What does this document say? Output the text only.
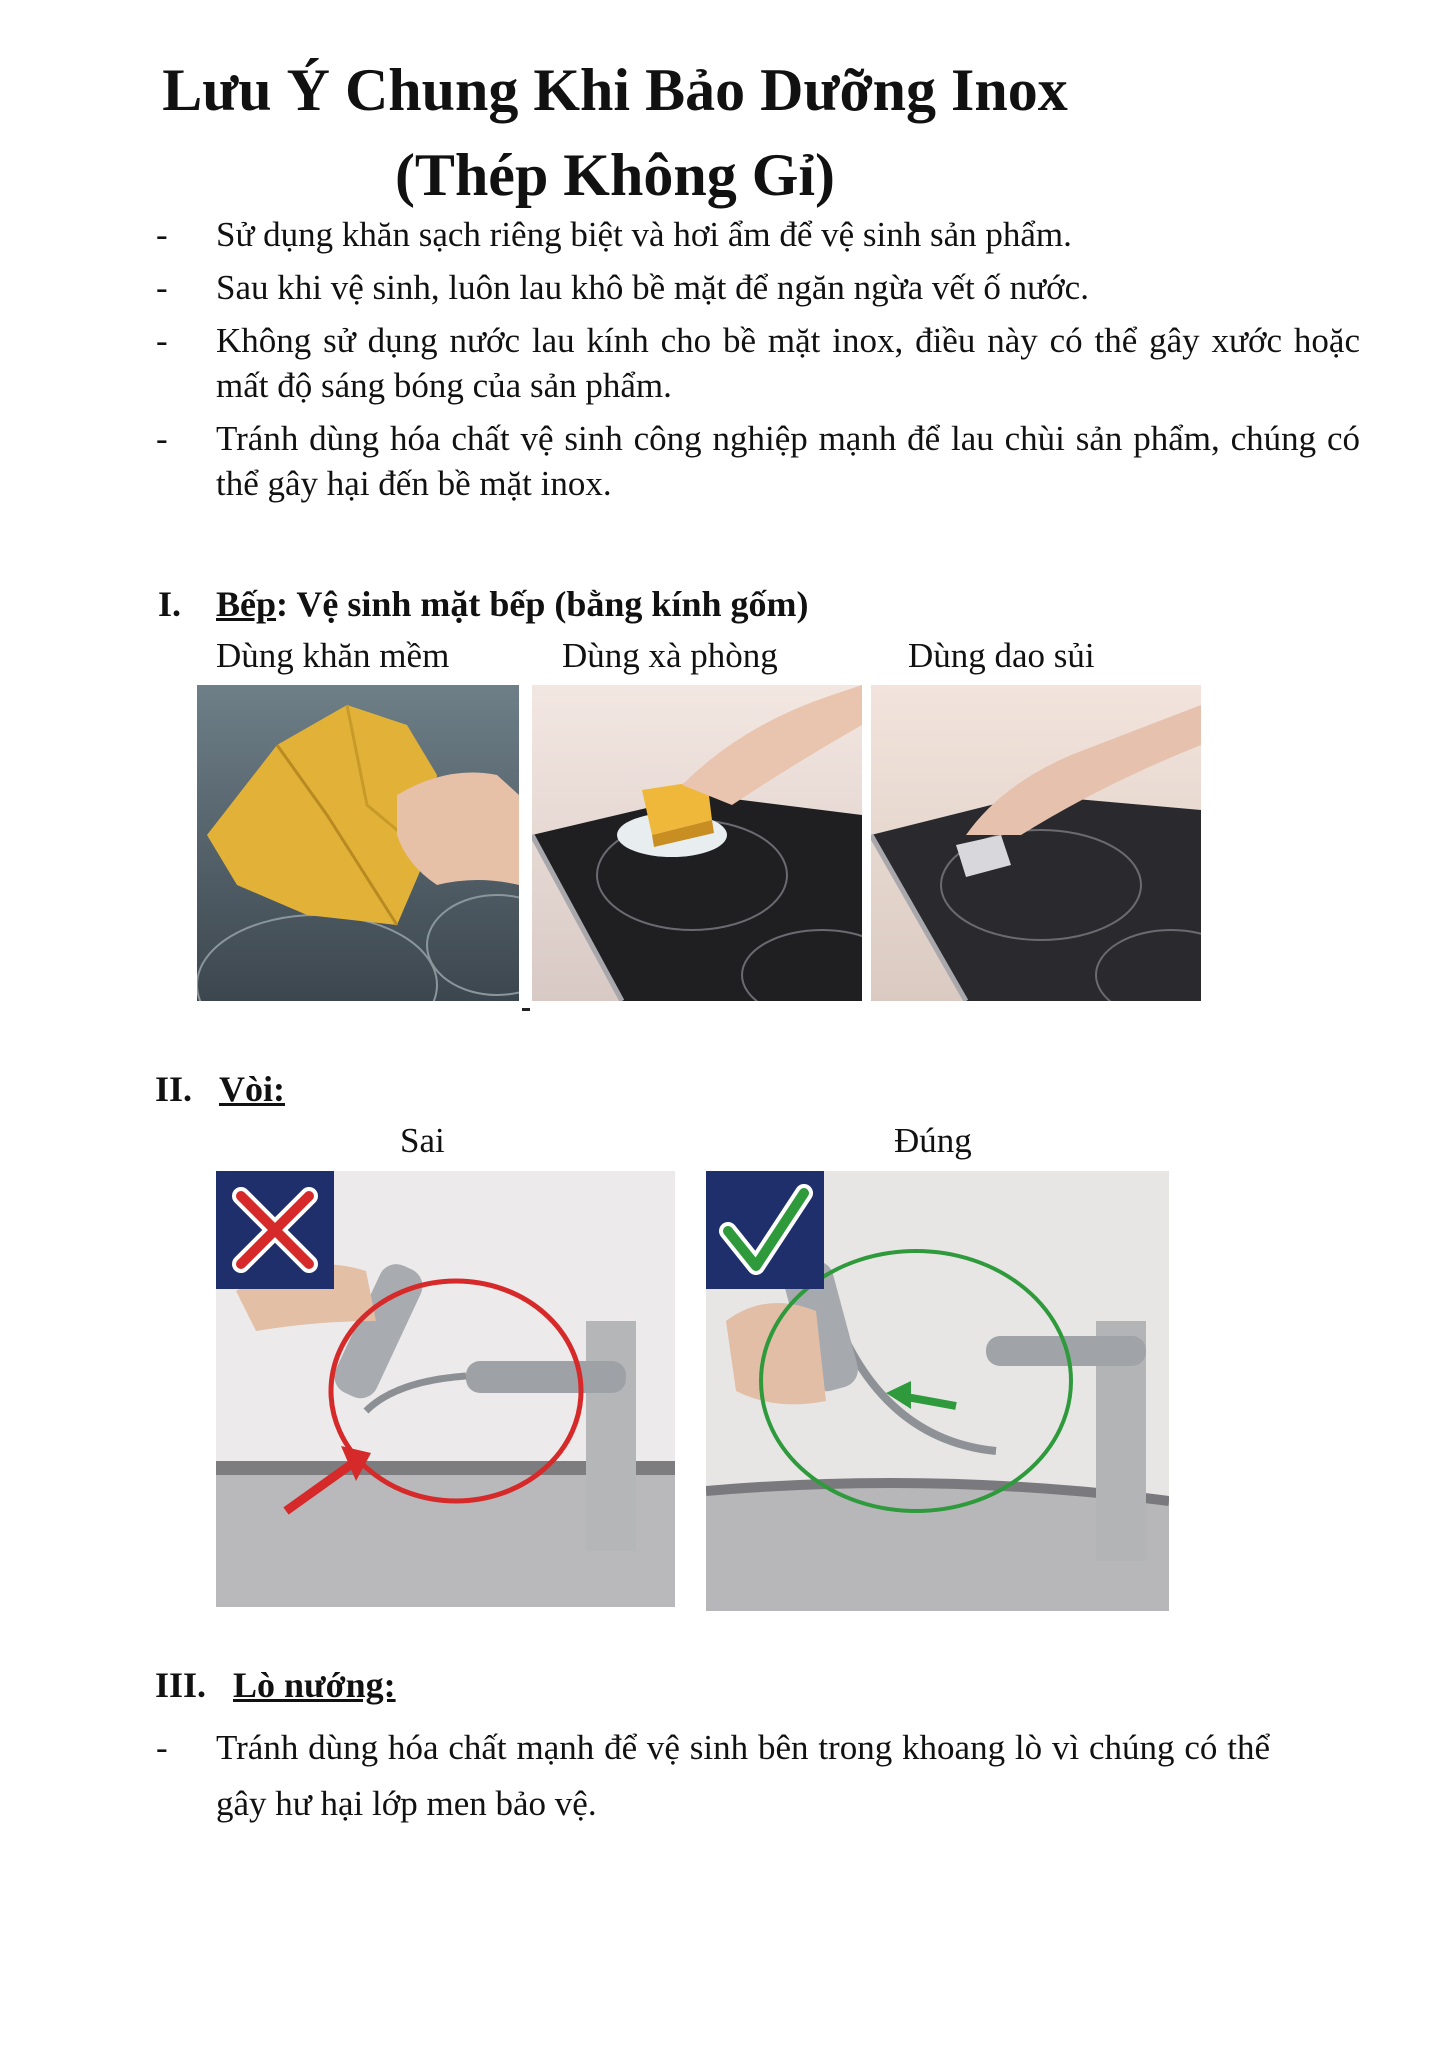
Lưu Ý Chung Khi Bảo Dưỡng Inox
(Thép Không Gỉ)
- Sử dụng khăn sạch riêng biệt và hơi ẩm để vệ sinh sản phẩm.
- Sau khi vệ sinh, luôn lau khô bề mặt để ngăn ngừa vết ố nước.
- Không sử dụng nước lau kính cho bề mặt inox, điều này có thể gây xước hoặc mất độ sáng bóng của sản phẩm.
- Tránh dùng hóa chất vệ sinh công nghiệp mạnh để lau chùi sản phẩm, chúng có thể gây hại đến bề mặt inox.
I. Bếp: Vệ sinh mặt bếp (bằng kính gốm)
Dùng khăn mềm	Dùng xà phòng	Dùng dao sủi
II. Vòi:
Sai	Đúng
III. Lò nướng:
- Tránh dùng hóa chất mạnh để vệ sinh bên trong khoang lò vì chúng có thể gây hư hại lớp men bảo vệ.
